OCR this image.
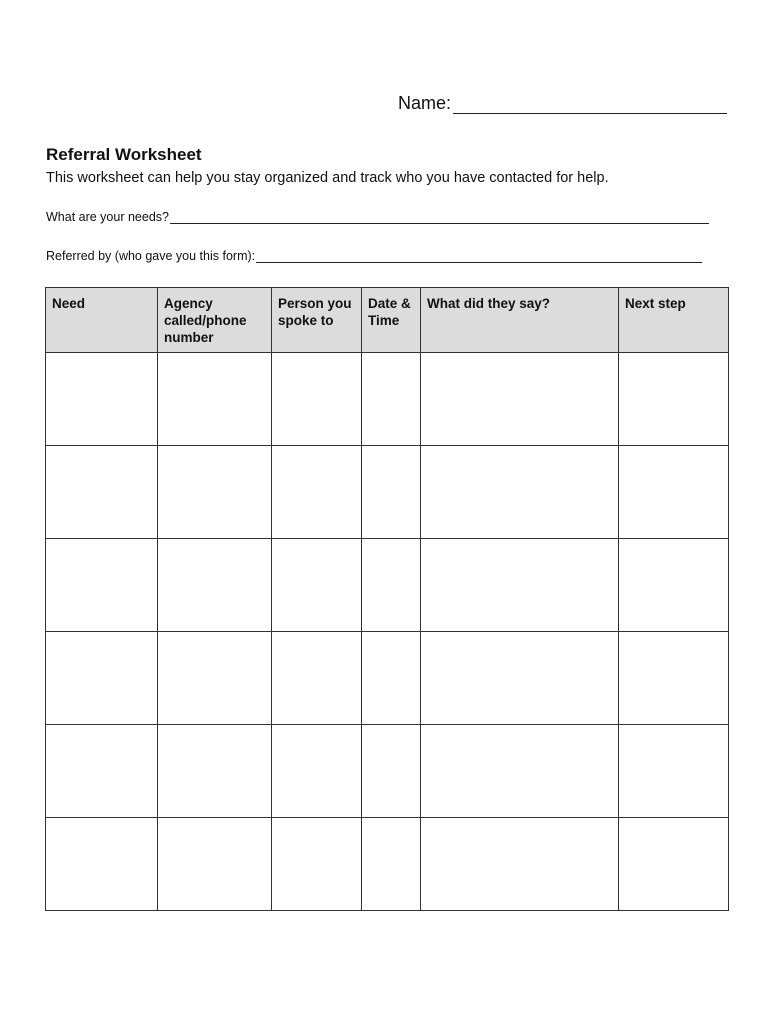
Name:
Referral Worksheet
This worksheet can help you stay organized and track who you have contacted for help.
What are your needs?
Referred by (who gave you this form):
Need	Agency called/phone number	Person you spoke to	Date & Time	What did they say?	Next step
